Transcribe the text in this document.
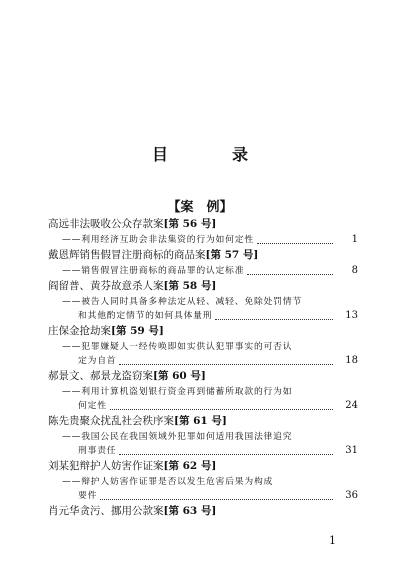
目　录
【案　例】
高远非法吸收公众存款案[第 56 号]
——利用经济互助会非法集资的行为如何定性	1
戴恩辉销售假冒注册商标的商品案[第 57 号]
——销售假冒注册商标的商品罪的认定标准	8
阎留普、黄芬故意杀人案[第 58 号]
——被告人同时具备多种法定从轻、减轻、免除处罚情节
和其他酌定情节的如何具体量刑	13
庄保金抢劫案[第 59 号]
——犯罪嫌疑人一经传唤即如实供认犯罪事实的可否认
定为自首	18
郝景文、郝景龙盗窃案[第 60 号]
——利用计算机盗划银行资金再到储蓄所取款的行为如
何定性	24
陈先贵聚众扰乱社会秩序案[第 61 号]
——我国公民在我国领域外犯罪如何适用我国法律追究
刑事责任	31
刘某犯辩护人妨害作证案[第 62 号]
——辩护人妨害作证罪是否以发生危害后果为构成
要件	36
肖元华贪污、挪用公款案[第 63 号]
1
